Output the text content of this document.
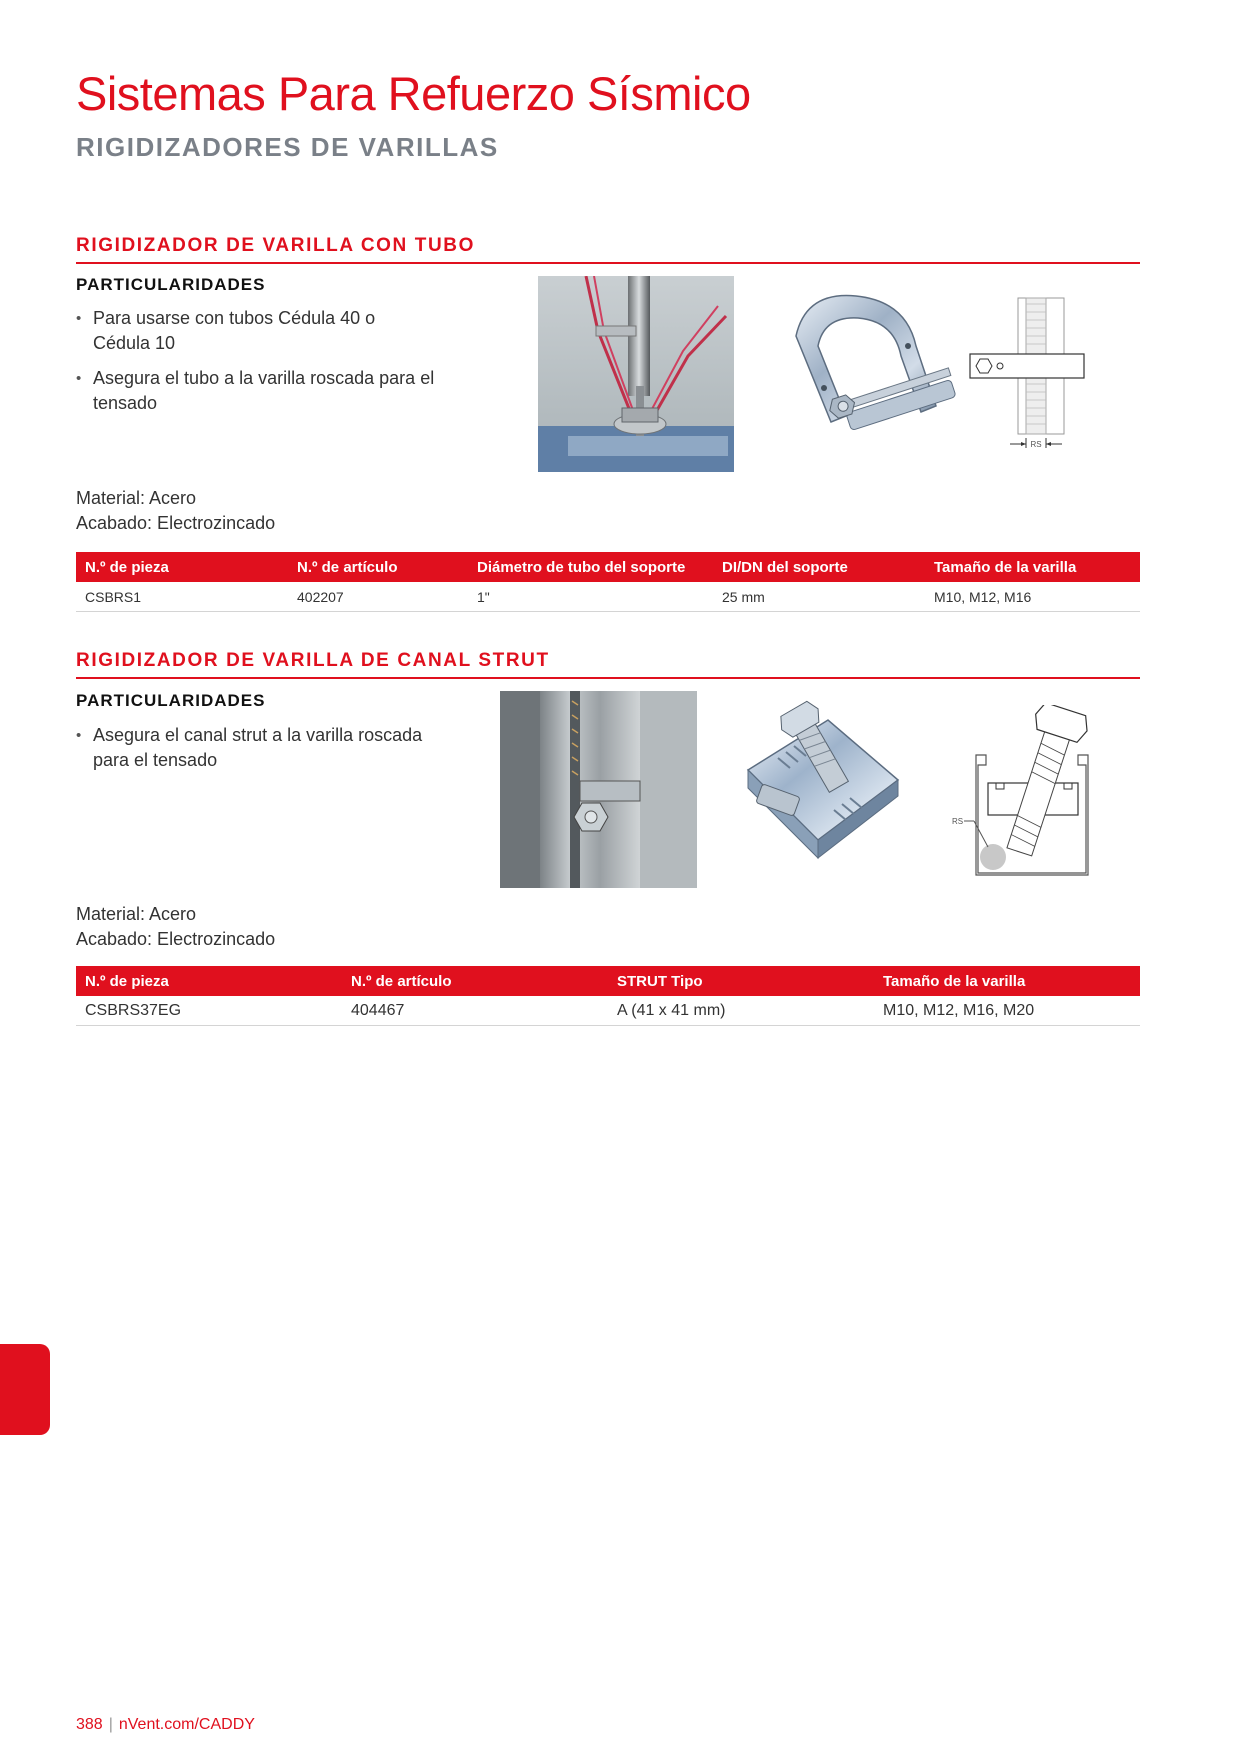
Sistemas Para Refuerzo Sísmico
RIGIDIZADORES DE VARILLAS
RIGIDIZADOR DE VARILLA CON TUBO
PARTICULARIDADES
• Para usarse con tubos Cédula 40 o Cédula 10
• Asegura el tubo a la varilla roscada para el tensado
RS
Material: Acero
Acabado: Electrozincado
N.º de pieza	N.º de artículo	Diámetro de tubo del soporte	DI/DN del soporte	Tamaño de la varilla
CSBRS1	402207	1"	25 mm	M10, M12, M16
RIGIDIZADOR DE VARILLA DE CANAL STRUT
PARTICULARIDADES
• Asegura el canal strut a la varilla roscada para el tensado
RS
Material: Acero
Acabado: Electrozincado
N.º de pieza	N.º de artículo	STRUT Tipo	Tamaño de la varilla
CSBRS37EG	404467	A (41 x 41 mm)	M10, M12, M16, M20
388 | nVent.com/CADDY
